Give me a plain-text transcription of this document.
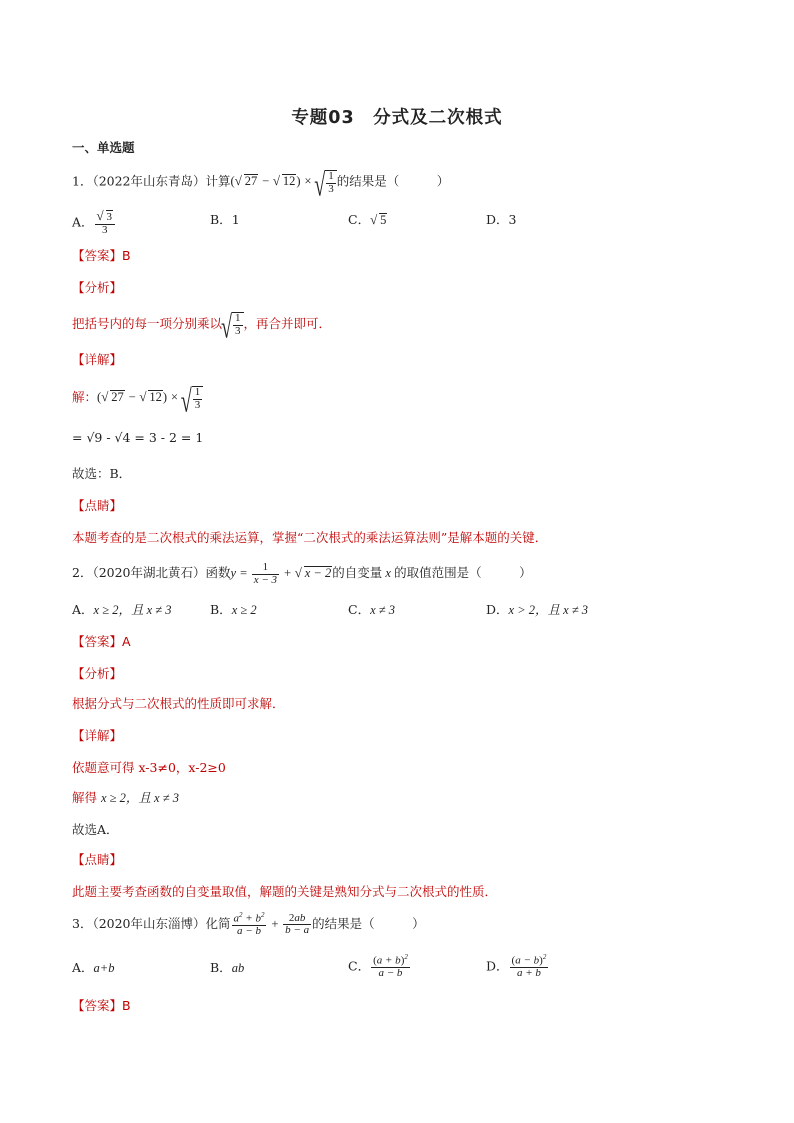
专题03　分式及二次根式
一、单选题
1．（2022年山东青岛）计算( √ 27 − √ 12) × √ $\frac{1}{3}$ 的结果是（　　　）
A． √ $\frac{3}{3}$	B．1	C． √ 5	D．3
【答案】B
【分析】
把括号内的每一项分别乘以 √ $\frac{1}{3}$ ，再合并即可．
【详解】
解：( √ 27 − √ 12) × √ $\frac{1}{3}$
= √9 - √4 = 3 - 2 = 1
故选：B．
【点睛】
本题考查的是二次根式的乘法运算，掌握“二次根式的乘法运算法则”是解本题的关键．
2．（2020年湖北黄石）函数$y = \frac{1}{x - 3}$ + √ x − 2的自变量 x 的取值范围是（　　　）
A．x ≥ 2，且 x ≠ 3	B．x ≥ 2	C．x ≠ 3	D．x > 2，且 x ≠ 3
【答案】A
【分析】
根据分式与二次根式的性质即可求解．
【详解】
依题意可得 x-3≠0，x-2≥0
解得 x ≥ 2，且 x ≠ 3
故选A．
【点睛】
此题主要考查函数的自变量取值，解题的关键是熟知分式与二次根式的性质．
3．（2020年山东淄博）化简 $\frac{a^2 + b^2}{a - b} + \frac{2ab}{b - a}$ 的结果是（　　　）
A．a+b	B．ab	C． $\frac{(a + b)^2}{a - b}$	D． $\frac{(a - b)^2}{a + b}$
【答案】B
